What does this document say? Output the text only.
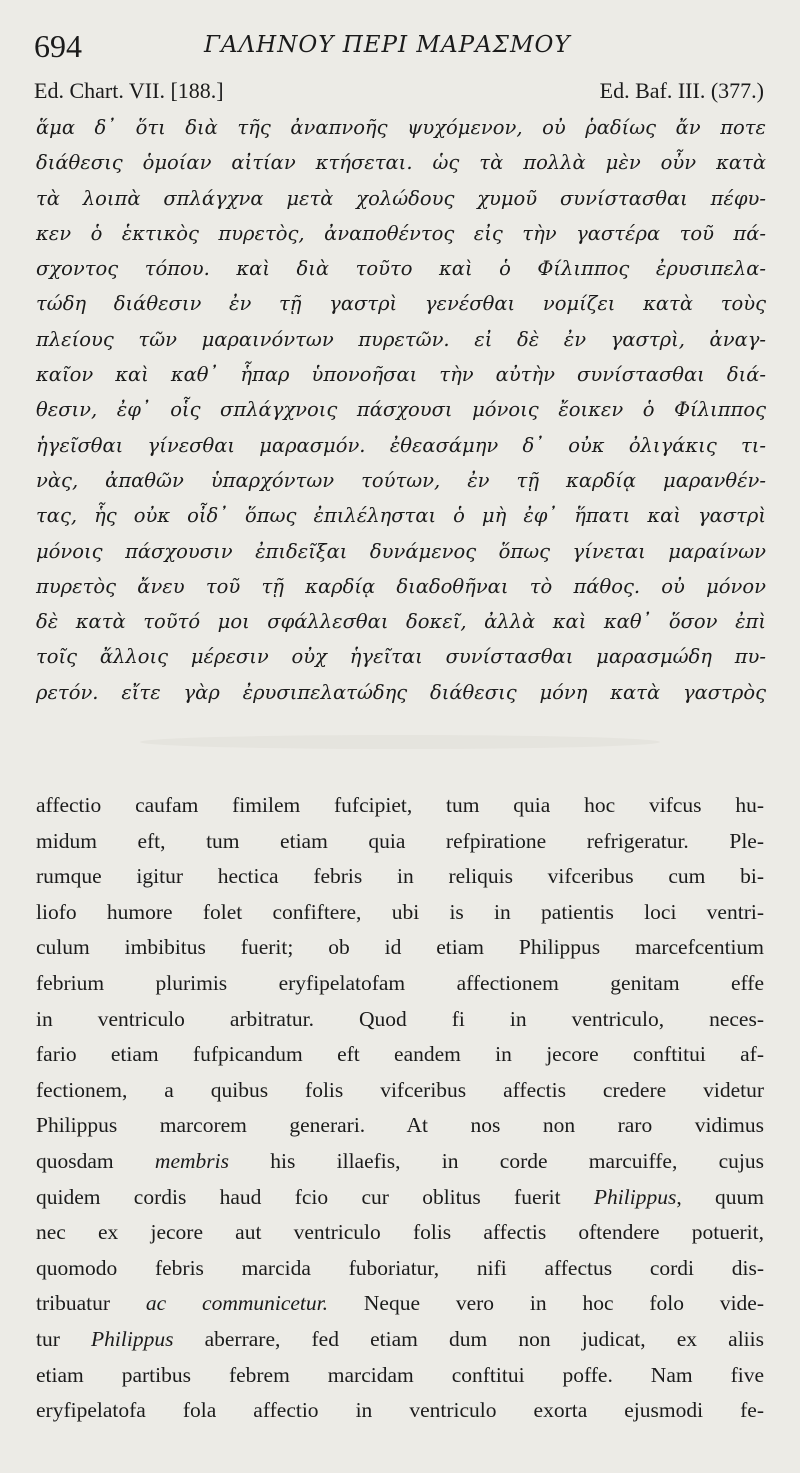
694	ΓΑΛΗΝΟΥ ΠΕΡΙ ΜΑΡΑΣΜΟΥ
Ed. Chart. VII. [188.]	Ed. Baf. III. (377.)
ἅμα δ᾽ ὅτι διὰ τῆς ἀναπνοῆς ψυχόμενον, οὐ ῥαδίως ἄν ποτε
διάθεσις ὁμοίαν αἰτίαν κτήσεται. ὡς τὰ πολλὰ μὲν οὖν κατὰ
τὰ λοιπὰ σπλάγχνα μετὰ χολώδους χυμοῦ συνίστασθαι πέφυ-
κεν ὁ ἑκτικὸς πυρετὸς, ἀναποθέντος εἰς τὴν γαστέρα τοῦ πά-
σχοντος τόπου. καὶ διὰ τοῦτο καὶ ὁ Φίλιππος ἐρυσιπελα-
τώδη διάθεσιν ἐν τῇ γαστρὶ γενέσθαι νομίζει κατὰ τοὺς
πλείους τῶν μαραινόντων πυρετῶν. εἰ δὲ ἐν γαστρὶ, ἀναγ-
καῖον καὶ καθ᾽ ἧπαρ ὑπονοῆσαι τὴν αὐτὴν συνίστασθαι διά-
θεσιν, ἐφ᾽ οἷς σπλάγχνοις πάσχουσι μόνοις ἔοικεν ὁ Φίλιππος
ἡγεῖσθαι γίνεσθαι μαρασμόν. ἐθεασάμην δ᾽ οὐκ ὀλιγάκις τι-
νὰς, ἀπαθῶν ὑπαρχόντων τούτων, ἐν τῇ καρδίᾳ μαρανθέν-
τας, ἧς οὐκ οἶδ᾽ ὅπως ἐπιλέλησται ὁ μὴ ἐφ᾽ ἥπατι καὶ γαστρὶ
μόνοις πάσχουσιν ἐπιδεῖξαι δυνάμενος ὅπως γίνεται μαραίνων
πυρετὸς ἄνευ τοῦ τῇ καρδίᾳ διαδοθῆναι τὸ πάθος. οὐ μόνον
δὲ κατὰ τοῦτό μοι σφάλλεσθαι δοκεῖ, ἀλλὰ καὶ καθ᾽ ὅσον ἐπὶ
τοῖς ἄλλοις μέρεσιν οὐχ ἡγεῖται συνίστασθαι μαρασμώδη πυ-
ρετόν. εἴτε γὰρ ἐρυσιπελατώδης διάθεσις μόνη κατὰ γαστρὸς
affectio caufam fimilem fufcipiet, tum quia hoc vifcus hu-
midum eft, tum etiam quia refpiratione refrigeratur. Ple-
rumque igitur hectica febris in reliquis vifceribus cum bi-
liofo humore folet confiftere, ubi is in patientis loci ventri-
culum imbibitus fuerit; ob id etiam Philippus marcefcentium
febrium plurimis eryfipelatofam affectionem genitam effe
in ventriculo arbitratur. Quod fi in ventriculo, neces-
fario etiam fufpicandum eft eandem in jecore conftitui af-
fectionem, a quibus folis vifceribus affectis credere videtur
Philippus marcorem generari. At nos non raro vidimus
quosdam membris his illaefis, in corde marcuiffe, cujus
quidem cordis haud fcio cur oblitus fuerit Philippus, quum
nec ex jecore aut ventriculo folis affectis oftendere potuerit,
quomodo febris marcida fuboriatur, nifi affectus cordi dis-
tribuatur ac communicetur. Neque vero in hoc folo vide-
tur Philippus aberrare, fed etiam dum non judicat, ex aliis
etiam partibus febrem marcidam conftitui poffe. Nam five
eryfipelatofa fola affectio in ventriculo exorta ejusmodi fe-
